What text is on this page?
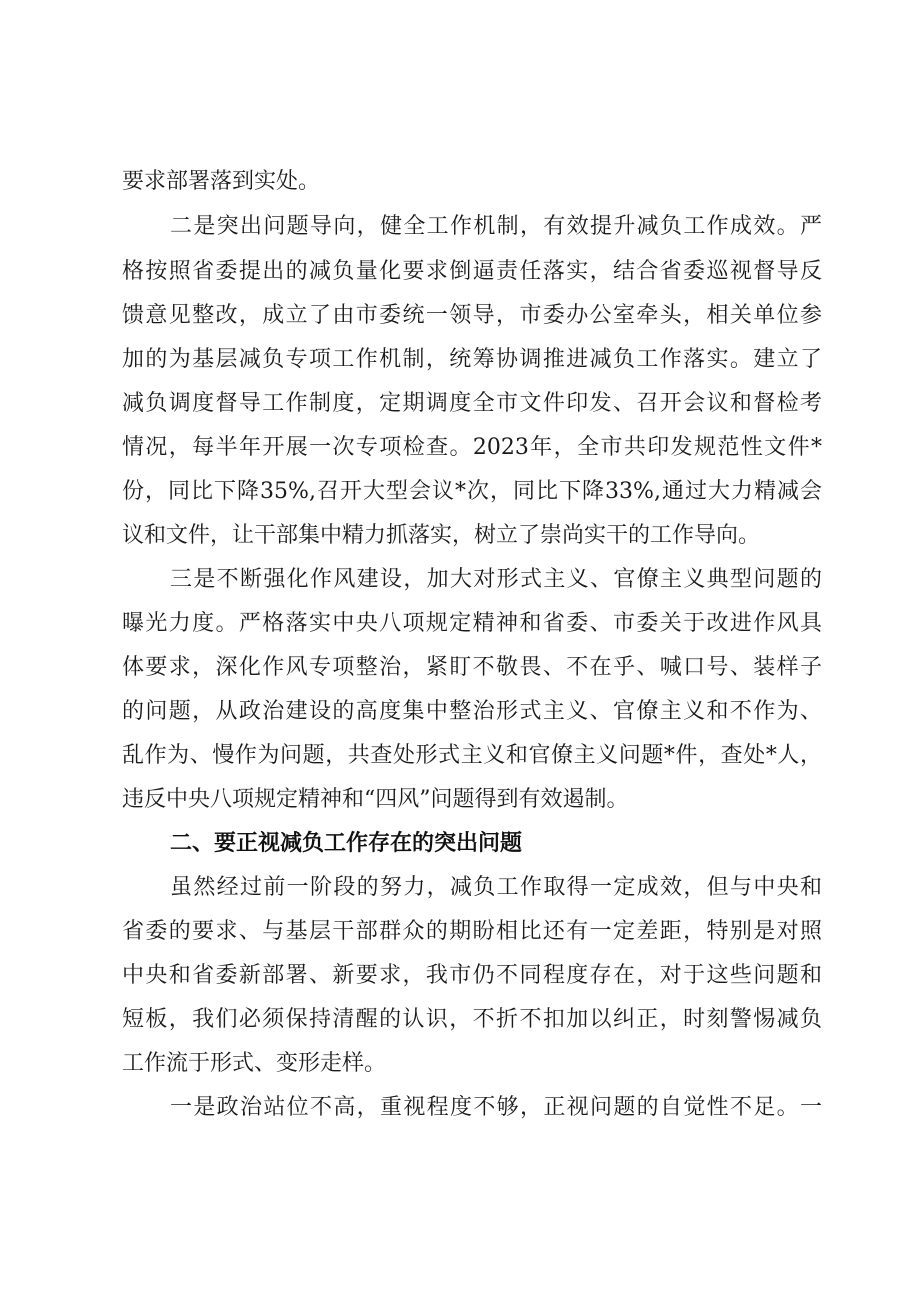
要求部署落到实处。
二是突出问题导向，健全工作机制，有效提升减负工作成效。严
格按照省委提出的减负量化要求倒逼责任落实，结合省委巡视督导反
馈意见整改，成立了由市委统一领导，市委办公室牵头，相关单位参
加的为基层减负专项工作机制，统筹协调推进减负工作落实。建立了
减负调度督导工作制度，定期调度全市文件印发、召开会议和督检考
情况，每半年开展一次专项检查。2023年，全市共印发规范性文件*
份，同比下降35%,召开大型会议*次，同比下降33%,通过大力精减会
议和文件，让干部集中精力抓落实，树立了崇尚实干的工作导向。
三是不断强化作风建设，加大对形式主义、官僚主义典型问题的
曝光力度。严格落实中央八项规定精神和省委、市委关于改进作风具
体要求，深化作风专项整治，紧盯不敬畏、不在乎、喊口号、装样子
的问题，从政治建设的高度集中整治形式主义、官僚主义和不作为、
乱作为、慢作为问题，共查处形式主义和官僚主义问题*件，查处*人，
违反中央八项规定精神和“四风”问题得到有效遏制。
二、要正视减负工作存在的突出问题
虽然经过前一阶段的努力，减负工作取得一定成效，但与中央和
省委的要求、与基层干部群众的期盼相比还有一定差距，特别是对照
中央和省委新部署、新要求，我市仍不同程度存在，对于这些问题和
短板，我们必须保持清醒的认识，不折不扣加以纠正，时刻警惕减负
工作流于形式、变形走样。
一是政治站位不高，重视程度不够，正视问题的自觉性不足。一
